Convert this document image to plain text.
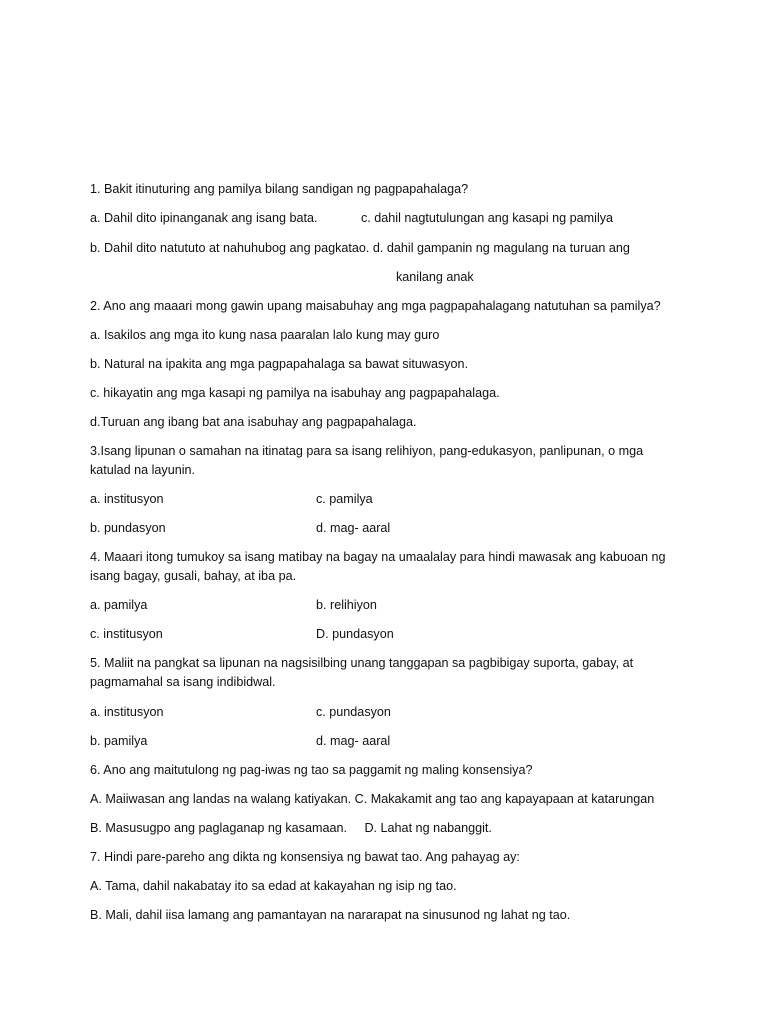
1. Bakit itinuturing ang pamilya bilang sandigan ng pagpapahalaga?
a. Dahil dito ipinanganak ang isang bata.	c. dahil nagtutulungan ang kasapi ng pamilya
b. Dahil dito natututo at nahuhubog ang pagkatao. d. dahil gampanin ng magulang na turuan ang
kanilang anak
2. Ano ang maaari mong gawin upang maisabuhay ang mga pagpapahalagang natutuhan sa pamilya?
a. Isakilos ang mga ito kung nasa paaralan lalo kung may guro
b. Natural na ipakita ang mga pagpapahalaga sa bawat situwasyon.
c. hikayatin ang mga kasapi ng pamilya na isabuhay ang pagpapahalaga.
d.Turuan ang ibang bat ana isabuhay ang pagpapahalaga.
3.Isang lipunan o samahan na itinatag para sa isang relihiyon, pang-edukasyon, panlipunan, o mga
katulad na layunin.
a. institusyon	c. pamilya
b. pundasyon	d. mag- aaral
4. Maaari itong tumukoy sa isang matibay na bagay na umaalalay para hindi mawasak ang kabuoan ng
isang bagay, gusali, bahay, at iba pa.
a. pamilya	b. relihiyon
c. institusyon	D. pundasyon
5. Maliit na pangkat sa lipunan na nagsisilbing unang tanggapan sa pagbibigay suporta, gabay, at
pagmamahal sa isang indibidwal.
a. institusyon	c. pundasyon
b. pamilya	d. mag- aaral
6. Ano ang maitutulong ng pag-iwas ng tao sa paggamit ng maling konsensiya?
A. Maiiwasan ang landas na walang katiyakan. C. Makakamit ang tao ang kapayapaan at katarungan
B. Masusugpo ang paglaganap ng kasamaan.     D. Lahat ng nabanggit.
7. Hindi pare-pareho ang dikta ng konsensiya ng bawat tao. Ang pahayag ay:
A. Tama, dahil nakabatay ito sa edad at kakayahan ng isip ng tao.
B. Mali, dahil iisa lamang ang pamantayan na nararapat na sinusunod ng lahat ng tao.
